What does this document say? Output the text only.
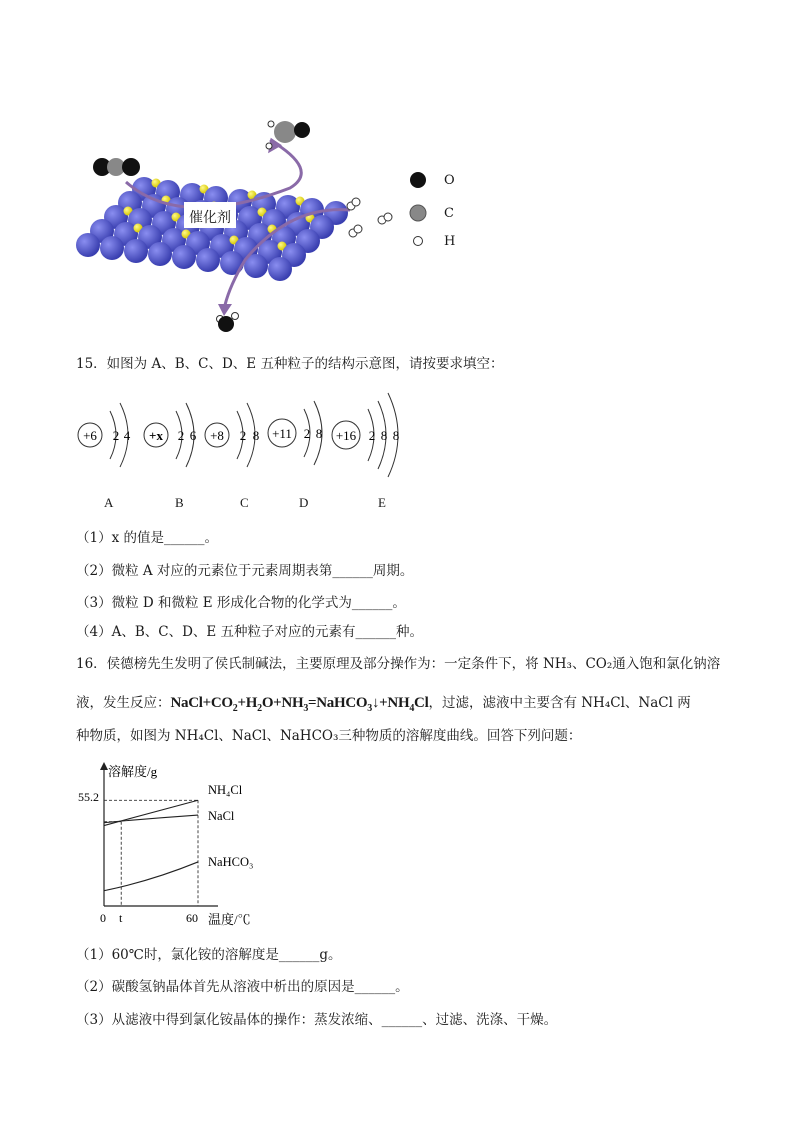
催化剂
O
C
H
15．如图为 A、B、C、D、E 五种粒子的结构示意图，请按要求填空：
+6 2 4 +x 2 6 +8 2 8 +11 2 8 +16 2 8 8
A	B	C	D	E
（1）x 的值是______。
（2）微粒 A 对应的元素位于元素周期表第______周期。
（3）微粒 D 和微粒 E 形成化合物的化学式为______。
（4）A、B、C、D、E 五种粒子对应的元素有______种。
16．侯德榜先生发明了侯氏制碱法，主要原理及部分操作为：一定条件下，将 NH₃、CO₂通入饱和氯化钠溶
液，发生反应：$NaCl+CO_2+H_2O+NH_3=NaHCO_3↓+NH_4Cl$，过滤，滤液中主要含有 NH₄Cl、NaCl 两
种物质，如图为 NH₄Cl、NaCl、NaHCO₃三种物质的溶解度曲线。回答下列问题：
溶解度/g
55.2
0 t	60 温度/℃
NH₄Cl
NaCl
NaHCO₃
（1）60℃时，氯化铵的溶解度是______g。
（2）碳酸氢钠晶体首先从溶液中析出的原因是______。
（3）从滤液中得到氯化铵晶体的操作：蒸发浓缩、______、过滤、洗涤、干燥。
